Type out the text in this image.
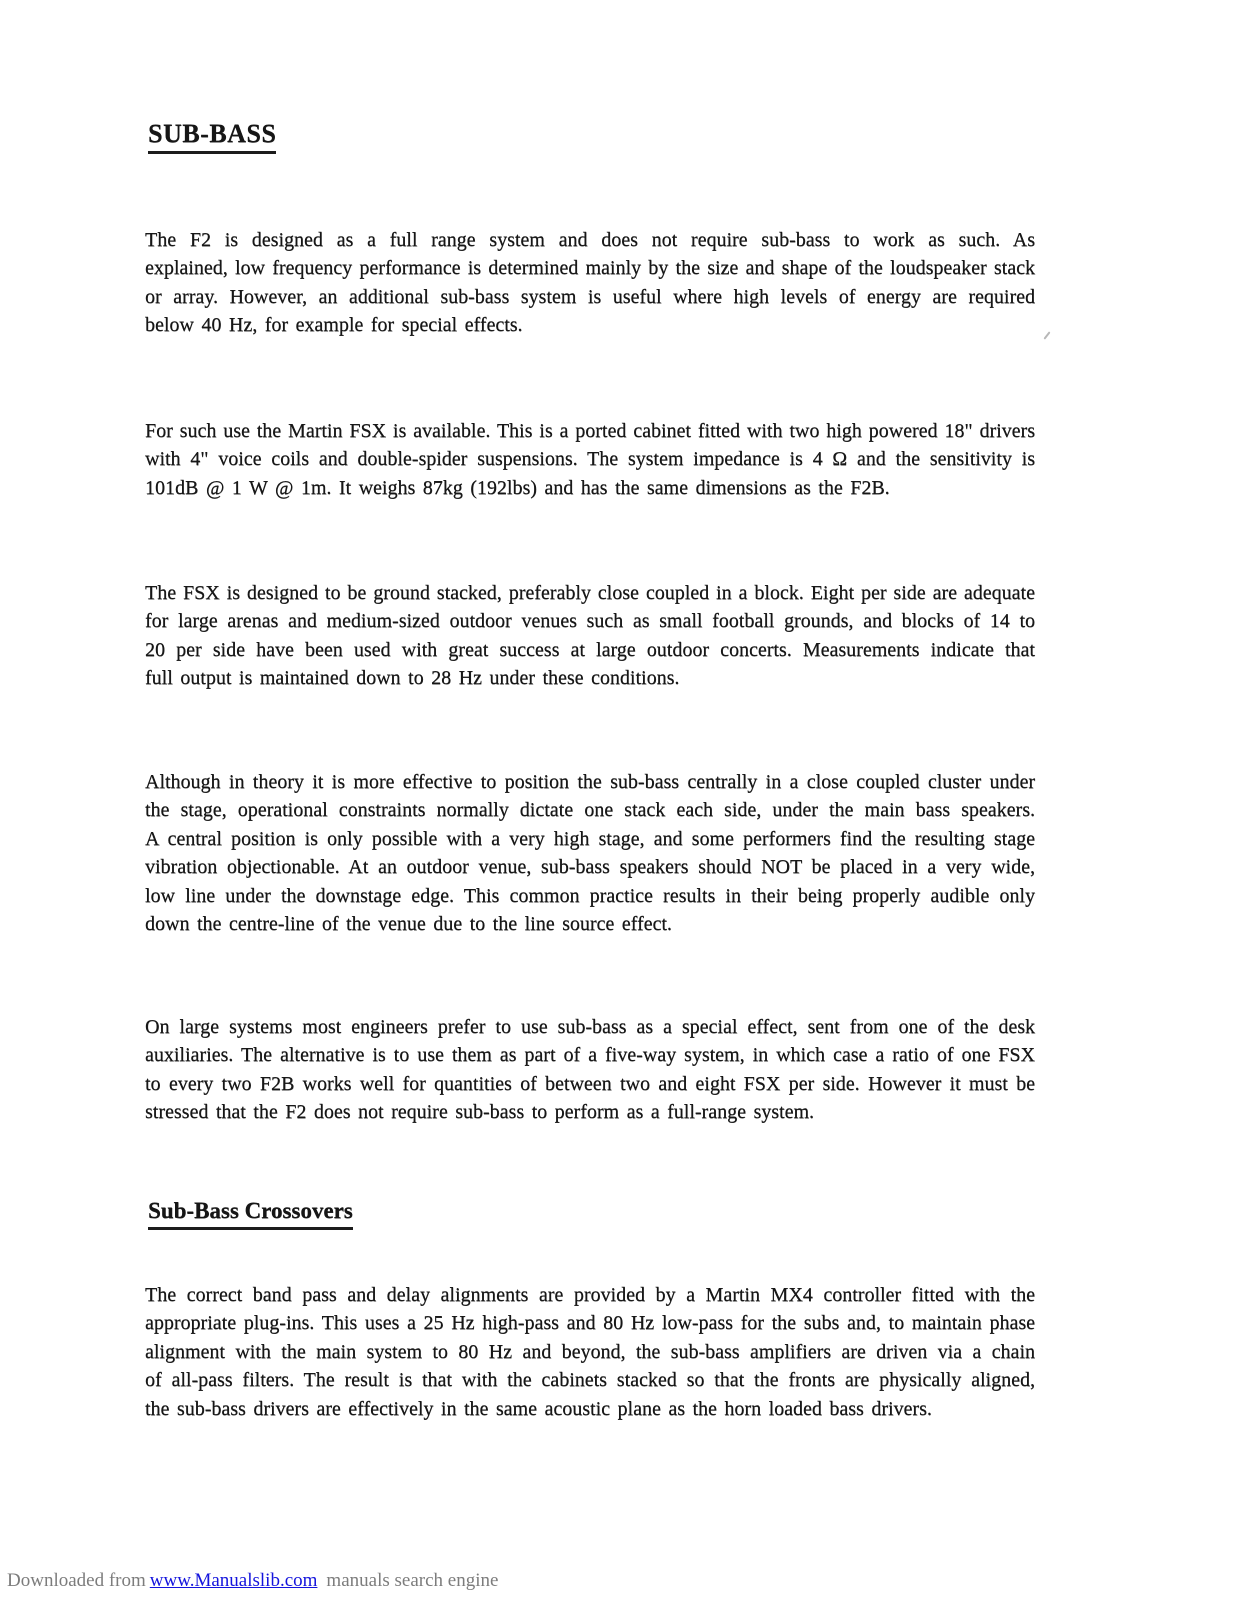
SUB-BASS
The F2 is designed as a full range system and does not require sub-bass to work as such. As
explained, low frequency performance is determined mainly by the size and shape of the loudspeaker stack
or array. However, an additional sub-bass system is useful where high levels of energy are required
below 40 Hz, for example for special effects.
For such use the Martin FSX is available. This is a ported cabinet fitted with two high powered 18" drivers
with 4" voice coils and double-spider suspensions. The system impedance is 4 Ω and the sensitivity is
101dB @ 1 W @ 1m. It weighs 87kg (192lbs) and has the same dimensions as the F2B.
The FSX is designed to be ground stacked, preferably close coupled in a block. Eight per side are adequate
for large arenas and medium-sized outdoor venues such as small football grounds, and blocks of 14 to
20 per side have been used with great success at large outdoor concerts. Measurements indicate that
full output is maintained down to 28 Hz under these conditions.
Although in theory it is more effective to position the sub-bass centrally in a close coupled cluster under
the stage, operational constraints normally dictate one stack each side, under the main bass speakers.
A central position is only possible with a very high stage, and some performers find the resulting stage
vibration objectionable. At an outdoor venue, sub-bass speakers should NOT be placed in a very wide,
low line under the downstage edge. This common practice results in their being properly audible only
down the centre-line of the venue due to the line source effect.
On large systems most engineers prefer to use sub-bass as a special effect, sent from one of the desk
auxiliaries. The alternative is to use them as part of a five-way system, in which case a ratio of one FSX
to every two F2B works well for quantities of between two and eight FSX per side. However it must be
stressed that the F2 does not require sub-bass to perform as a full-range system.
Sub-Bass Crossovers
The correct band pass and delay alignments are provided by a Martin MX4 controller fitted with the
appropriate plug-ins. This uses a 25 Hz high-pass and 80 Hz low-pass for the subs and, to maintain phase
alignment with the main system to 80 Hz and beyond, the sub-bass amplifiers are driven via a chain
of all-pass filters. The result is that with the cabinets stacked so that the fronts are physically aligned,
the sub-bass drivers are effectively in the same acoustic plane as the horn loaded bass drivers.
Downloaded from www.Manualslib.com manuals search engine
